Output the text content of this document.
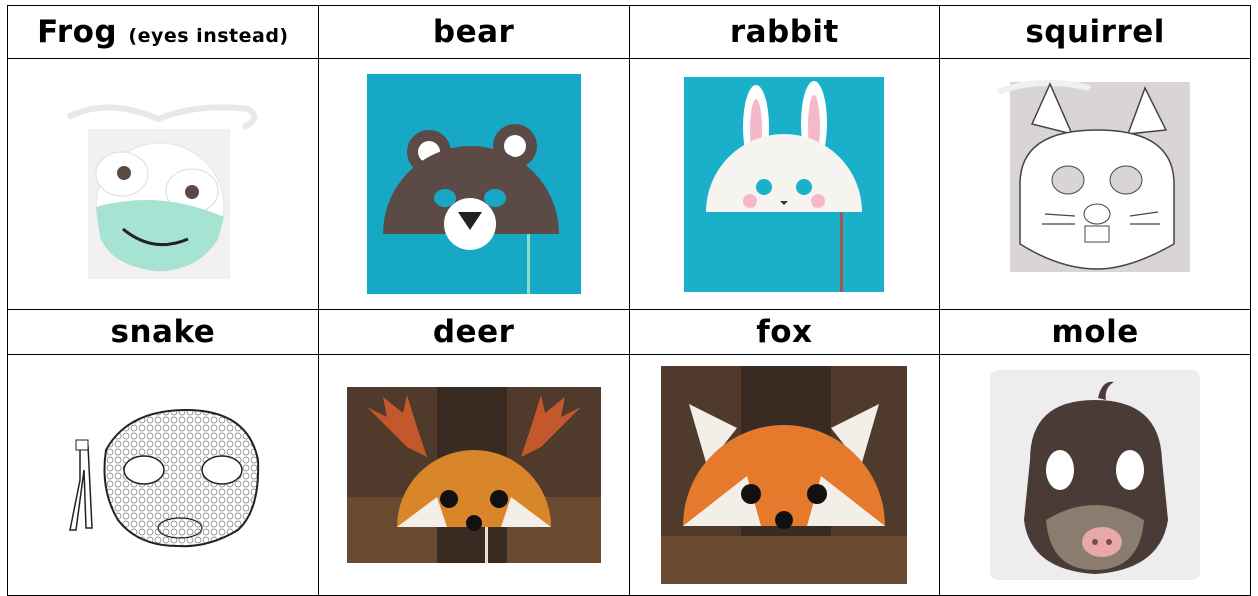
Frog (eyes instead)	bear	rabbit	squirrel

snake	deer	fox	mole
